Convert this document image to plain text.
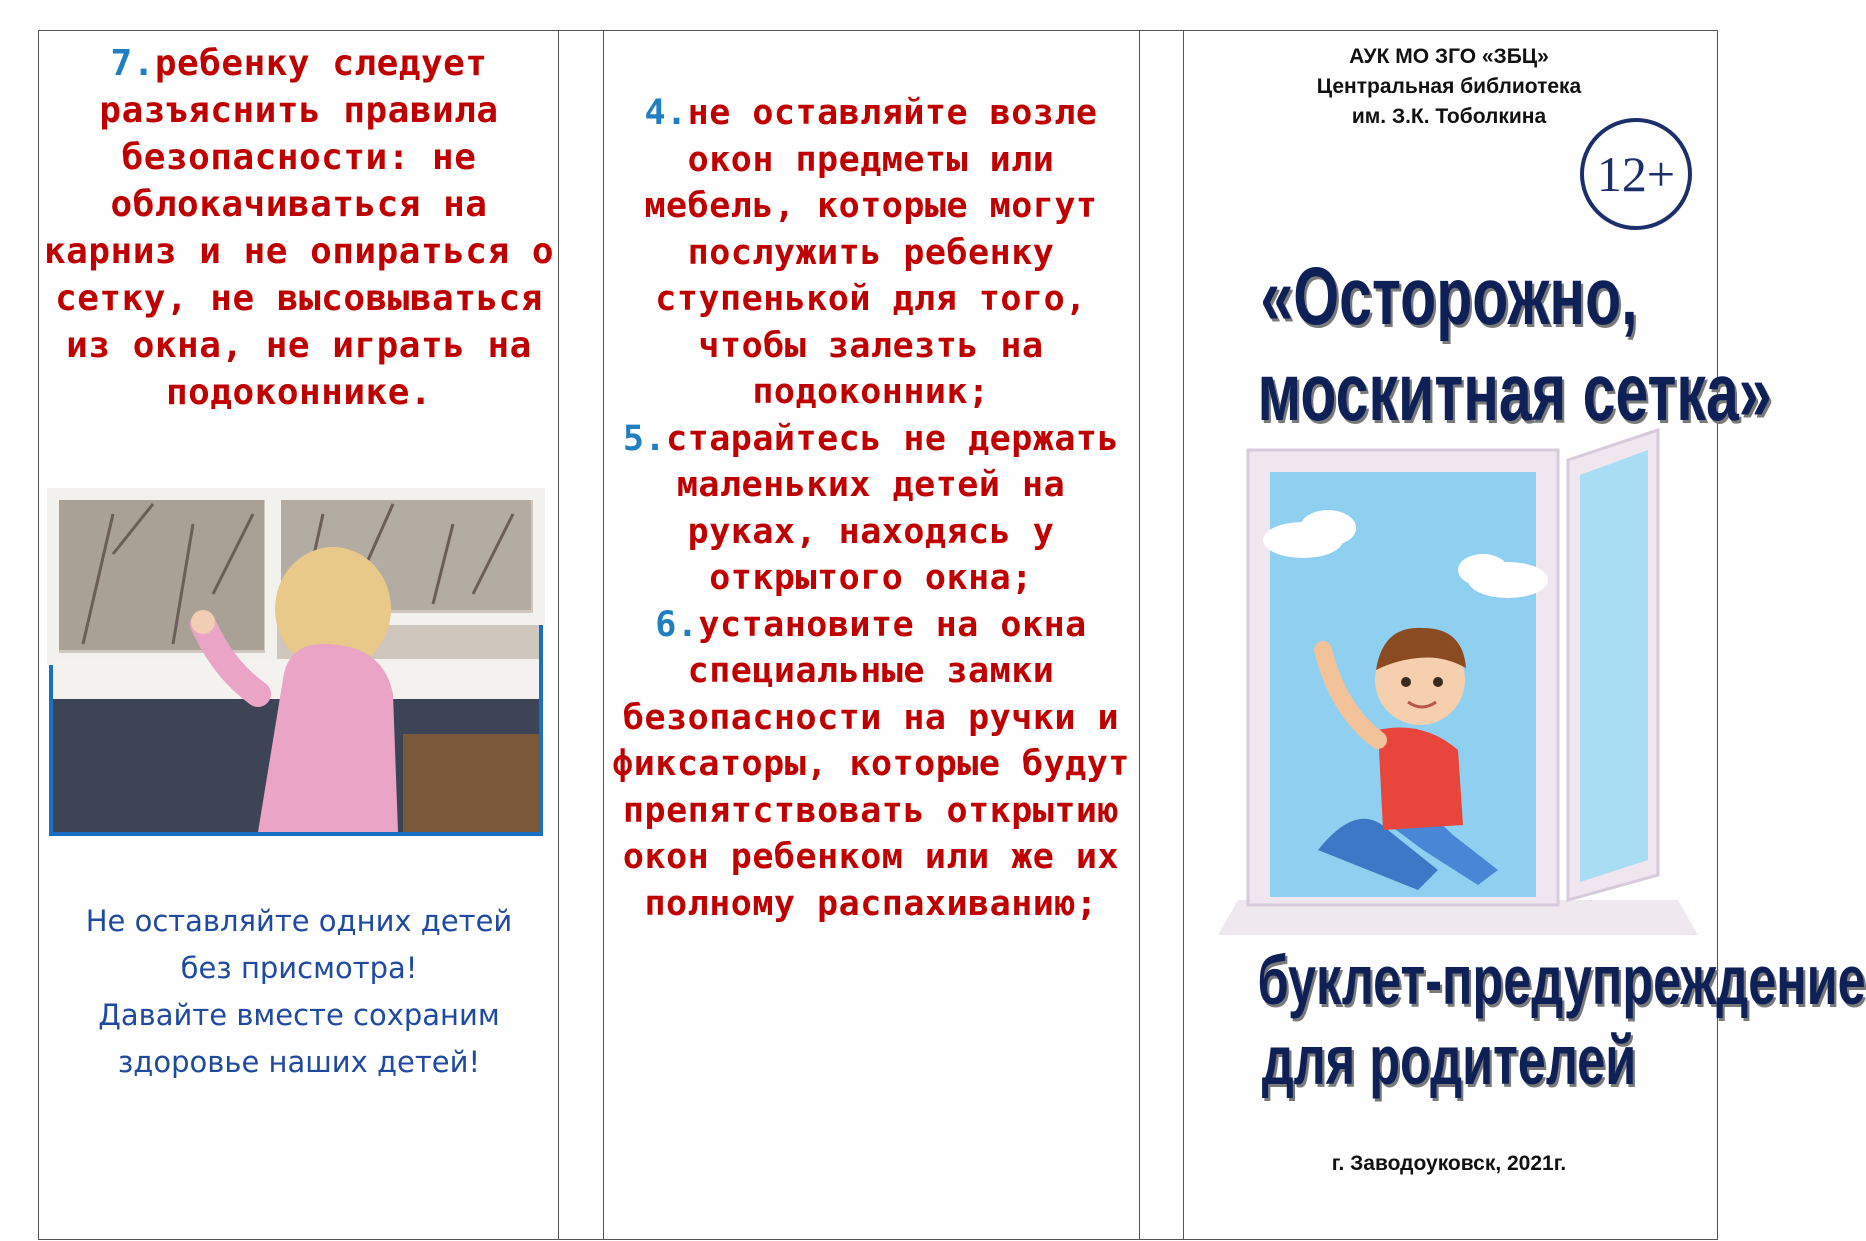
7.ребенку следует разъяснить правила безопасности: не облокачиваться на карниз и не опираться о сетку, не высовываться из окна, не играть на подоконнике.
Не оставляйте одних детей
без присмотра!
Давайте вместе сохраним
здоровье наших детей!
4.не оставляйте возле окон предметы или мебель, которые могут послужить ребенку ступенькой для того, чтобы залезть на подоконник;
5.старайтесь не держать маленьких детей на руках, находясь у открытого окна;
6.установите на окна специальные замки безопасности на ручки и фиксаторы, которые будут препятствовать открытию окон ребенком или же их полному распахиванию;
АУК МО ЗГО «ЗБЦ»
Центральная библиотека
им. З.К. Тоболкина
12+
«Осторожно,
москитная сетка»
буклет-предупреждение
для родителей
г. Заводоуковск, 2021г.
